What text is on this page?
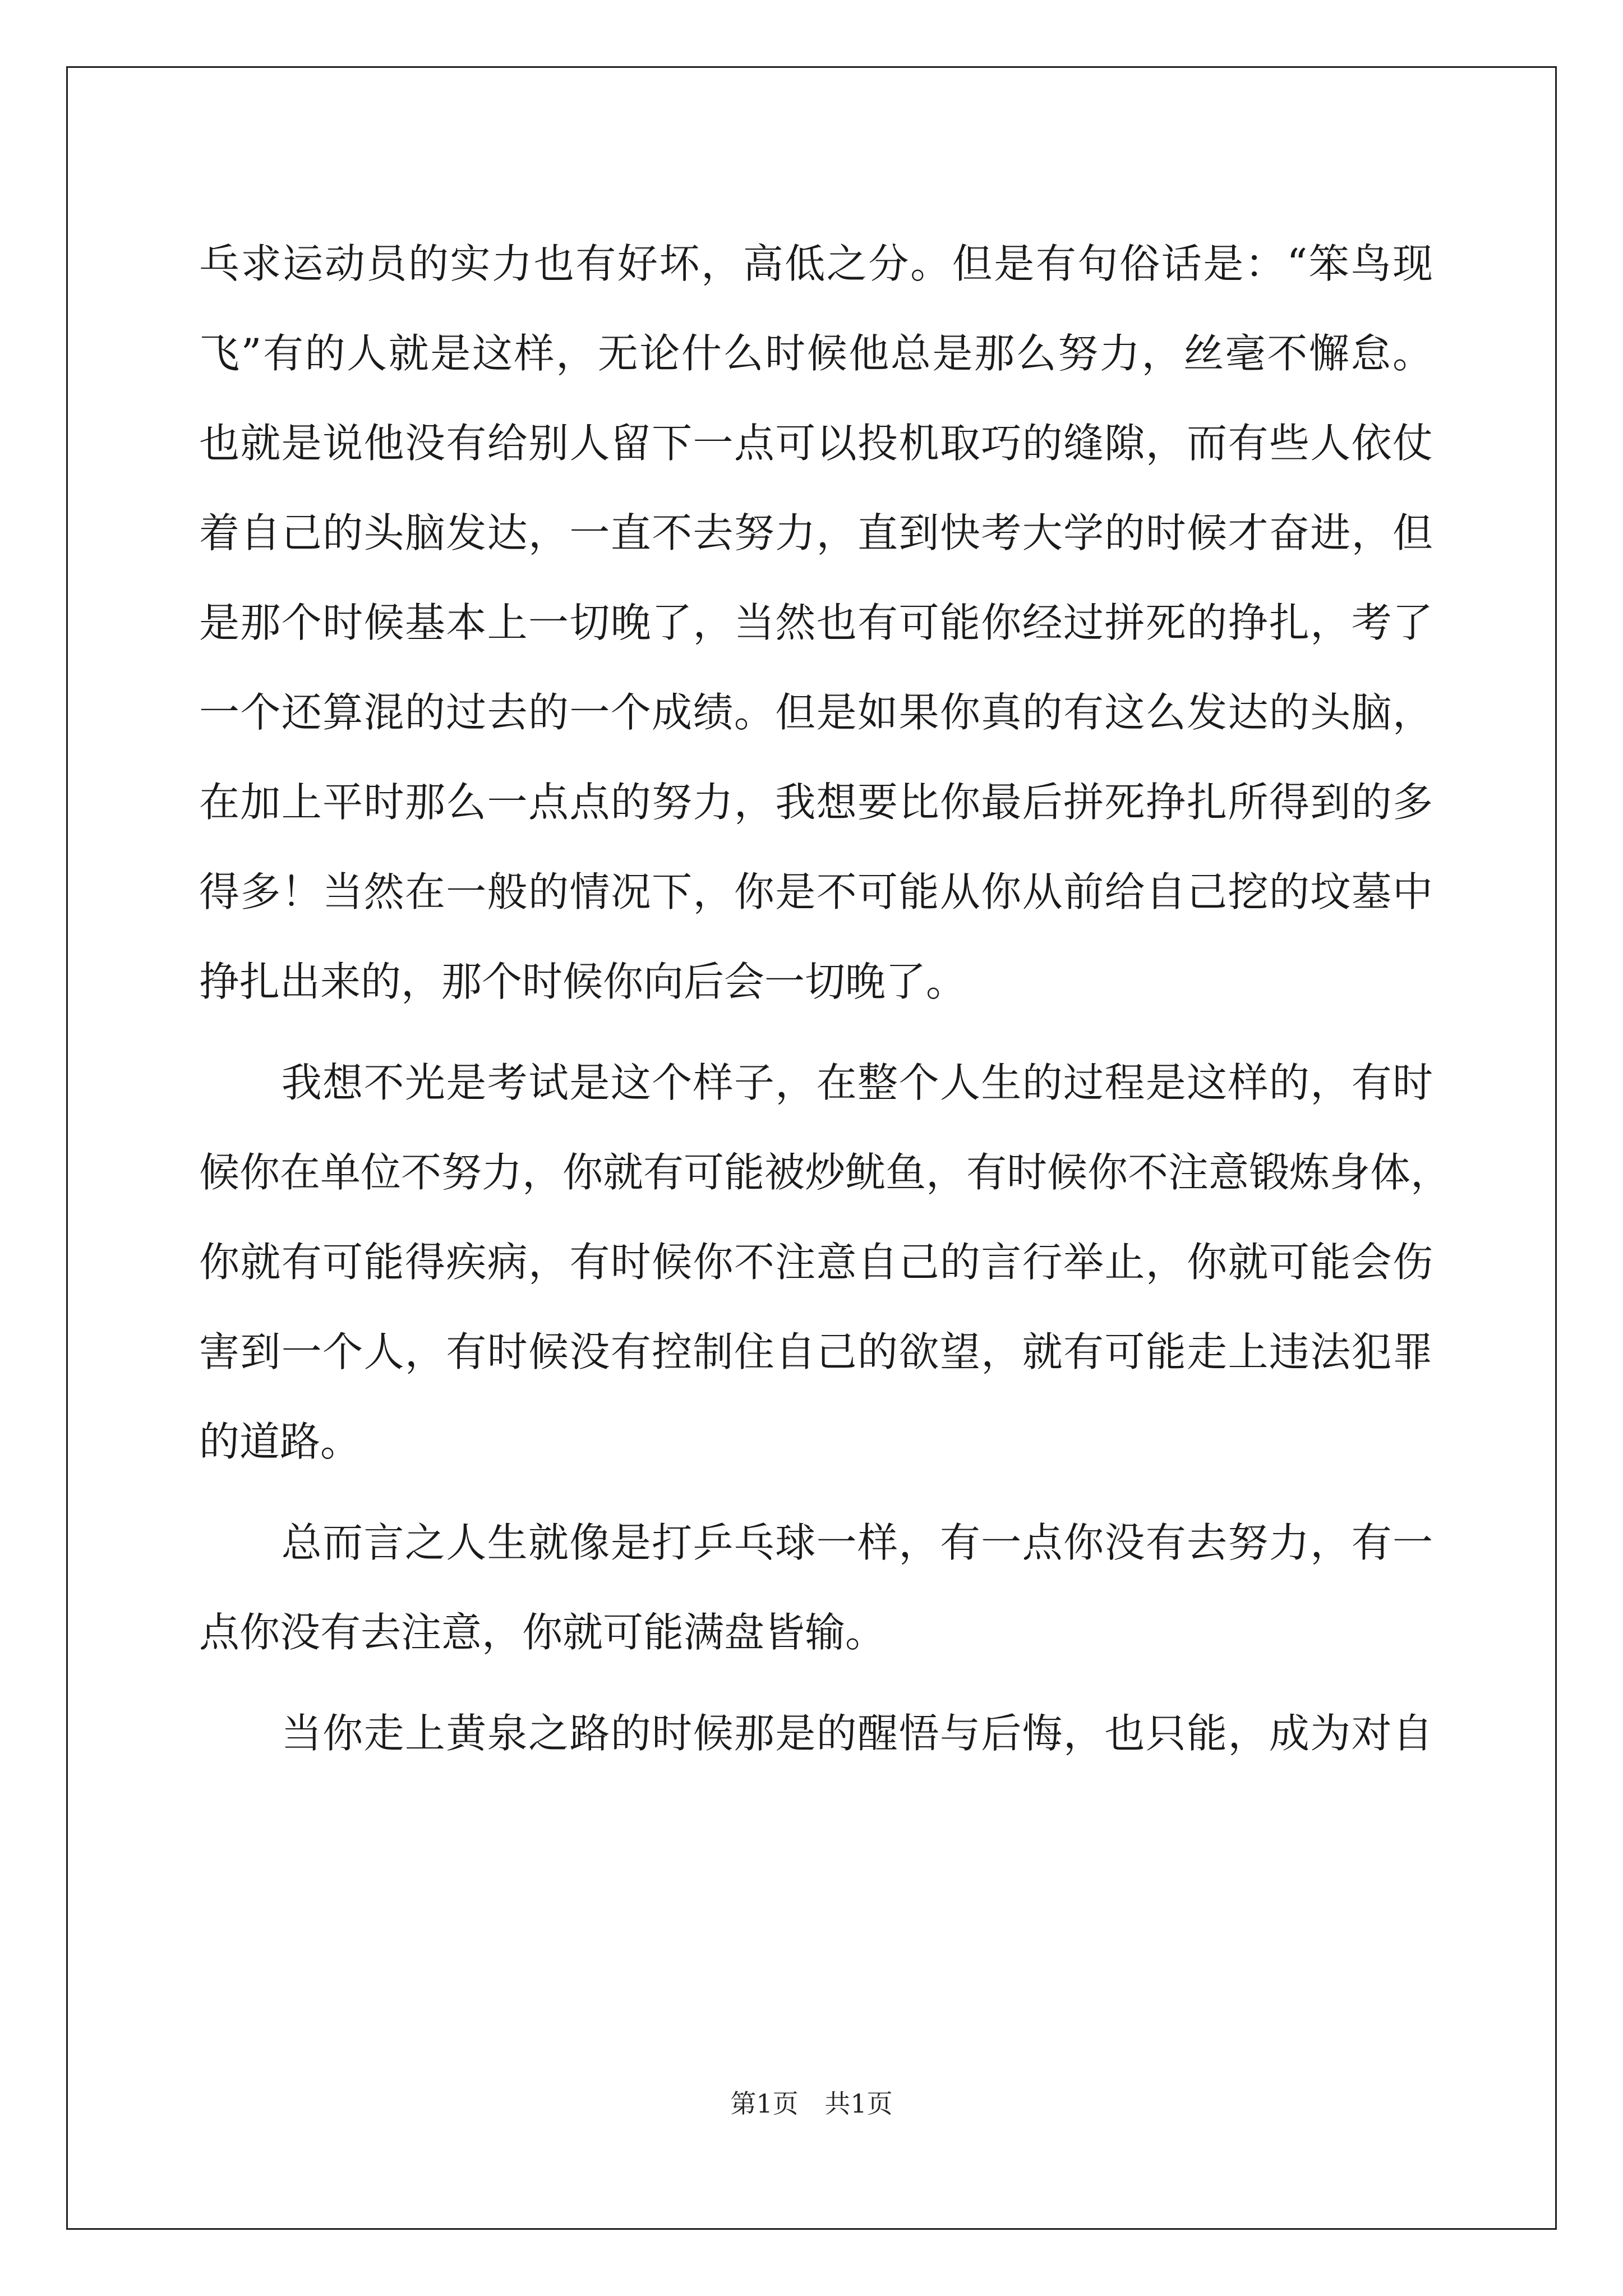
乓求运动员的实力也有好坏，高低之分。但是有句俗话是：“笨鸟现
飞”有的人就是这样，无论什么时候他总是那么努力，丝毫不懈怠。
也就是说他没有给别人留下一点可以投机取巧的缝隙，而有些人依仗
着自己的头脑发达，一直不去努力，直到快考大学的时候才奋进，但
是那个时候基本上一切晚了，当然也有可能你经过拼死的挣扎，考了
一个还算混的过去的一个成绩。但是如果你真的有这么发达的头脑，
在加上平时那么一点点的努力，我想要比你最后拼死挣扎所得到的多
得多！当然在一般的情况下，你是不可能从你从前给自己挖的坟墓中
挣扎出来的，那个时候你向后会一切晚了。

　　我想不光是考试是这个样子，在整个人生的过程是这样的，有时
候你在单位不努力，你就有可能被炒鱿鱼，有时候你不注意锻炼身体，
你就有可能得疾病，有时候你不注意自己的言行举止，你就可能会伤
害到一个人，有时候没有控制住自己的欲望，就有可能走上违法犯罪
的道路。

　　总而言之人生就像是打乒乓球一样，有一点你没有去努力，有一
点你没有去注意，你就可能满盘皆输。

　　当你走上黄泉之路的时候那是的醒悟与后悔，也只能，成为对自

第1页 共1页
